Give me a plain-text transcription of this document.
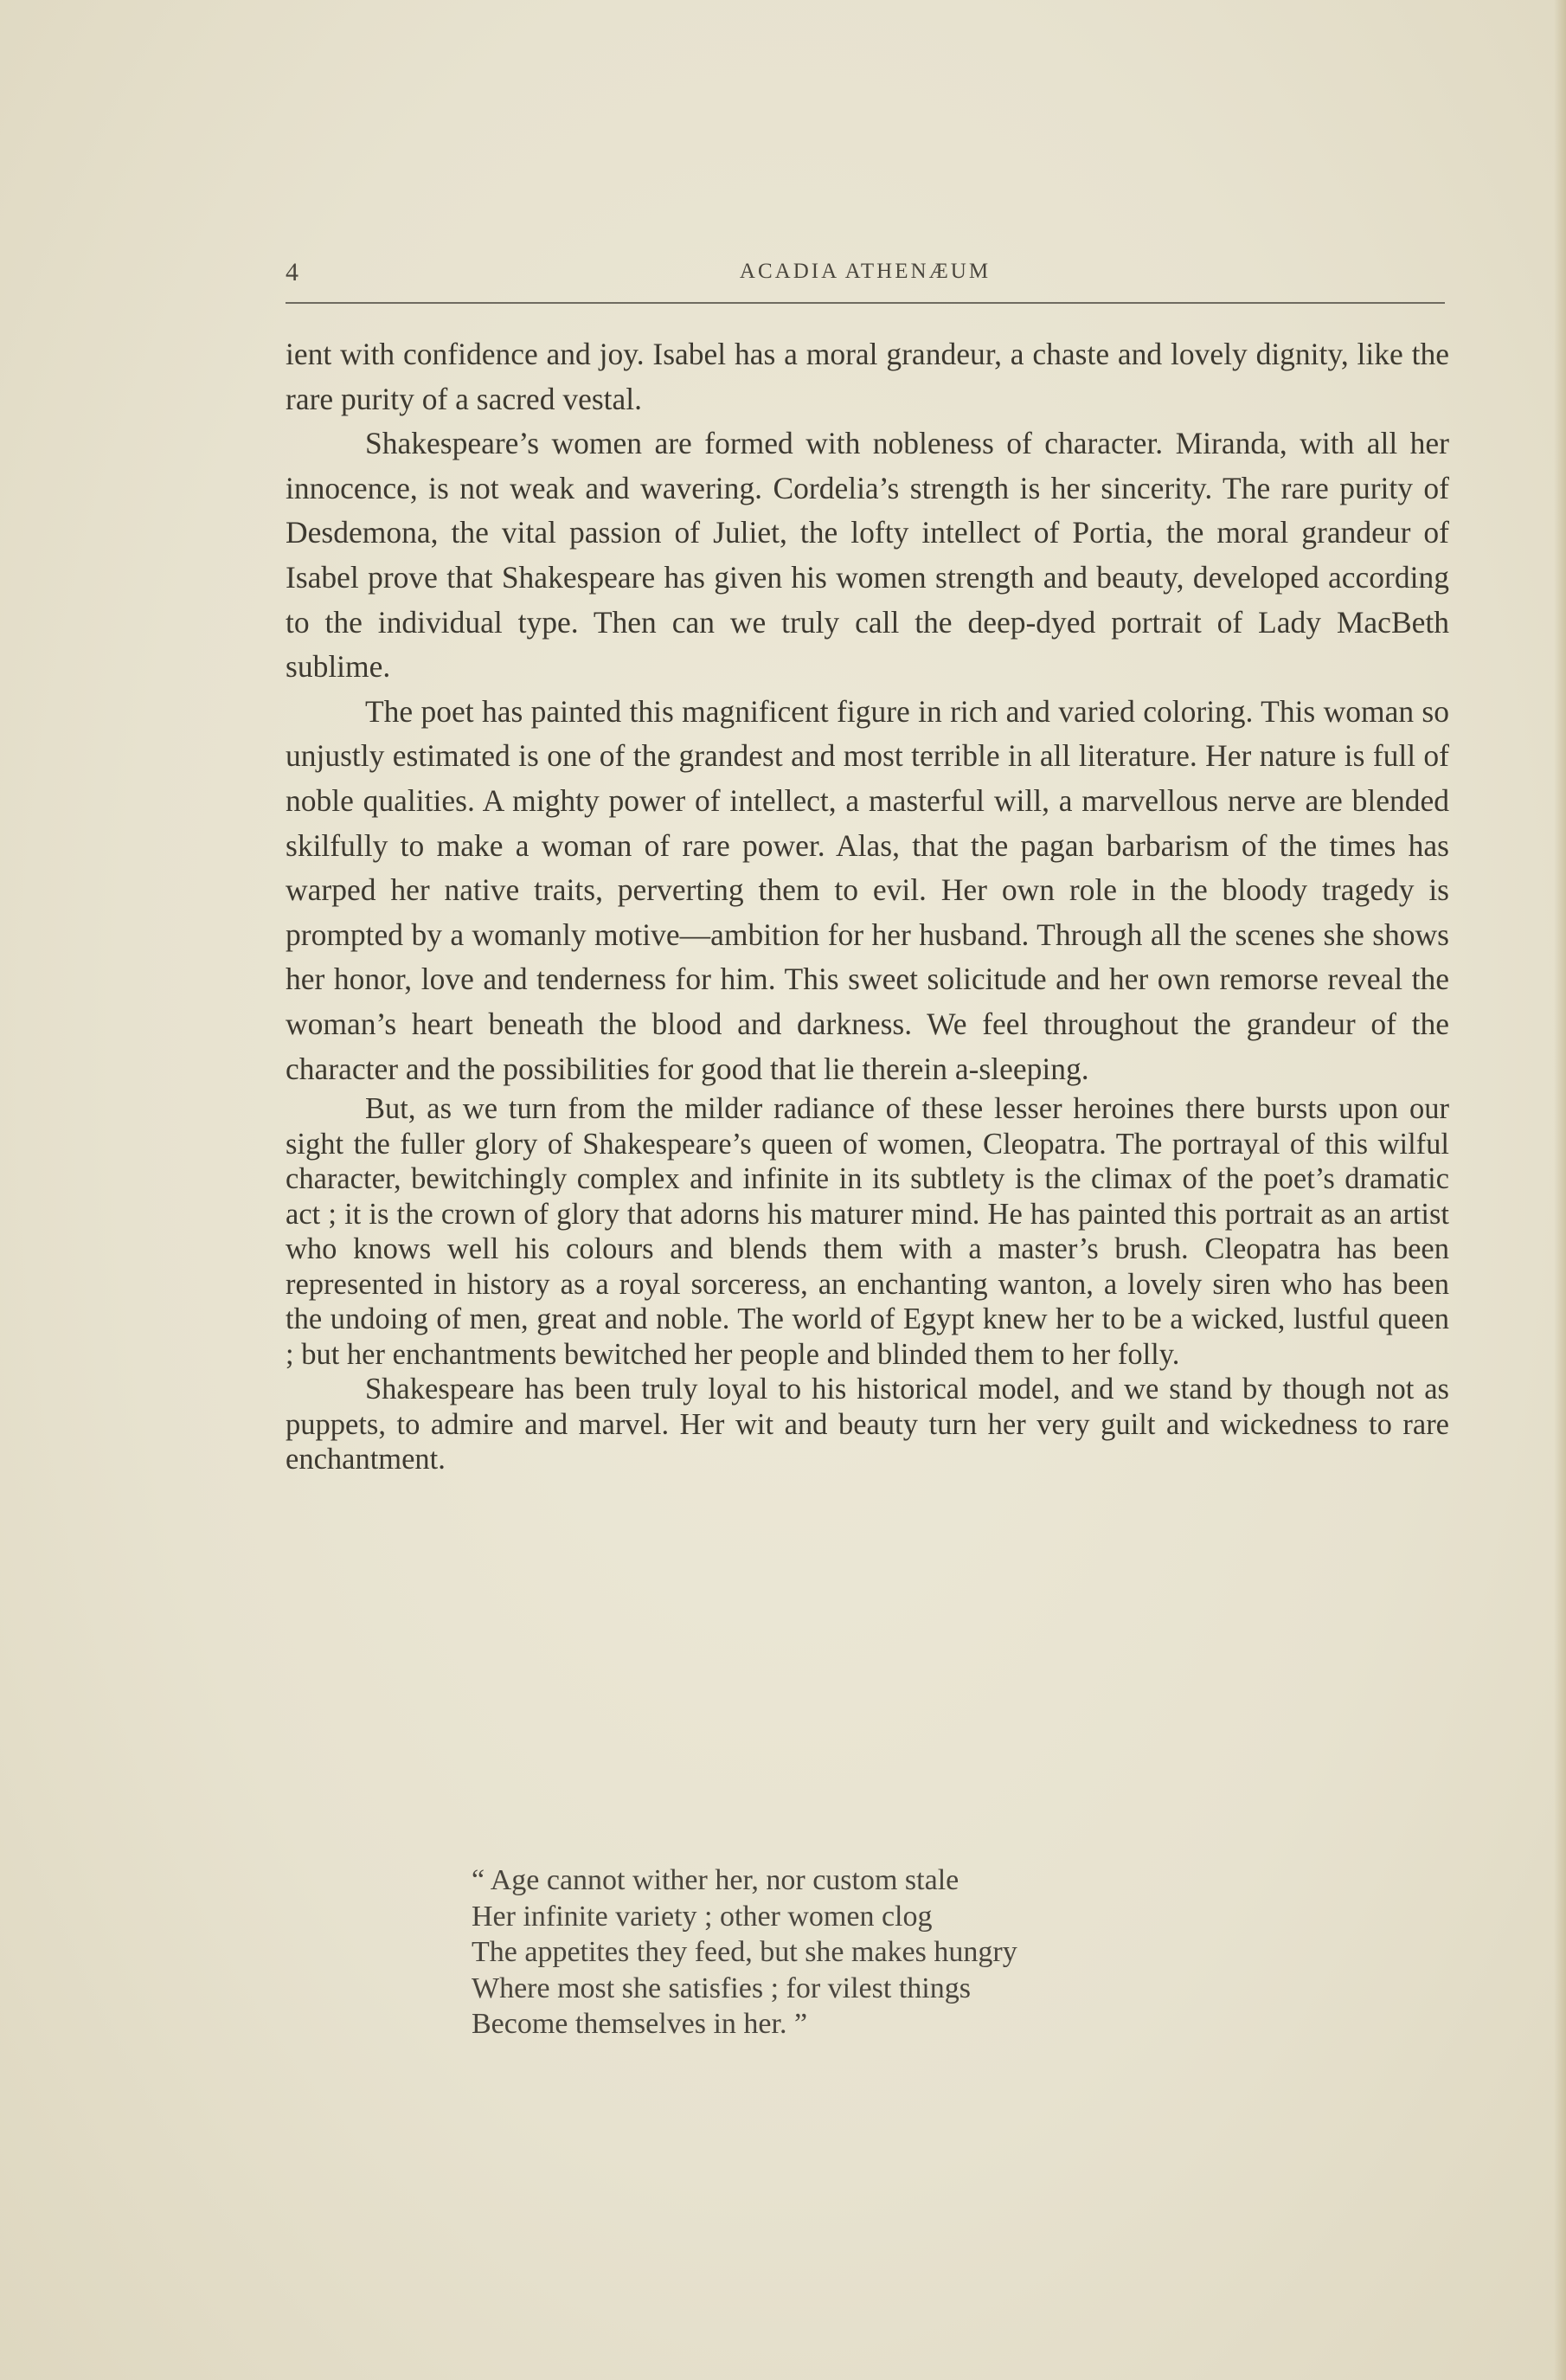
4	ACADIA ATHENÆUM

ient with confidence and joy. Isabel has a moral grandeur, a chaste and lovely dignity, like the rare purity of a sacred vestal.

Shakespeare’s women are formed with nobleness of character. Miranda, with all her innocence, is not weak and wavering. Cordelia’s strength is her sincerity. The rare purity of Desdemona, the vital passion of Juliet, the lofty intellect of Portia, the moral grandeur of Isabel prove that Shakespeare has given his women strength and beauty, developed according to the individual type. Then can we truly call the deep-dyed portrait of Lady MacBeth sublime.

The poet has painted this magnificent figure in rich and varied coloring. This woman so unjustly estimated is one of the grandest and most terrible in all literature. Her nature is full of noble qualities. A mighty power of intellect, a masterful will, a marvellous nerve are blended skilfully to make a woman of rare power. Alas, that the pagan barbarism of the times has warped her native traits, perverting them to evil. Her own role in the bloody tragedy is prompted by a womanly motive—ambition for her husband. Through all the scenes she shows her honor, love and tenderness for him. This sweet solicitude and her own remorse reveal the woman’s heart beneath the blood and darkness. We feel throughout the grandeur of the character and the possibilities for good that lie therein a-sleeping.

But, as we turn from the milder radiance of these lesser heroines there bursts upon our sight the fuller glory of Shakespeare’s queen of women, Cleopatra. The portrayal of this wilful character, bewitchingly complex and infinite in its subtlety is the climax of the poet’s dramatic act ; it is the crown of glory that adorns his maturer mind. He has painted this portrait as an artist who knows well his colours and blends them with a master’s brush. Cleopatra has been represented in history as a royal sorceress, an enchanting wanton, a lovely siren who has been the undoing of men, great and noble. The world of Egypt knew her to be a wicked, lustful queen ; but her enchantments bewitched her people and blinded them to her folly.

Shakespeare has been truly loyal to his historical model, and we stand by though not as puppets, to admire and marvel. Her wit and beauty turn her very guilt and wickedness to rare enchantment.

“ Age cannot wither her, nor custom stale
Her infinite variety ; other women clog
The appetites they feed, but she makes hungry
Where most she satisfies ; for vilest things
Become themselves in her. ”
